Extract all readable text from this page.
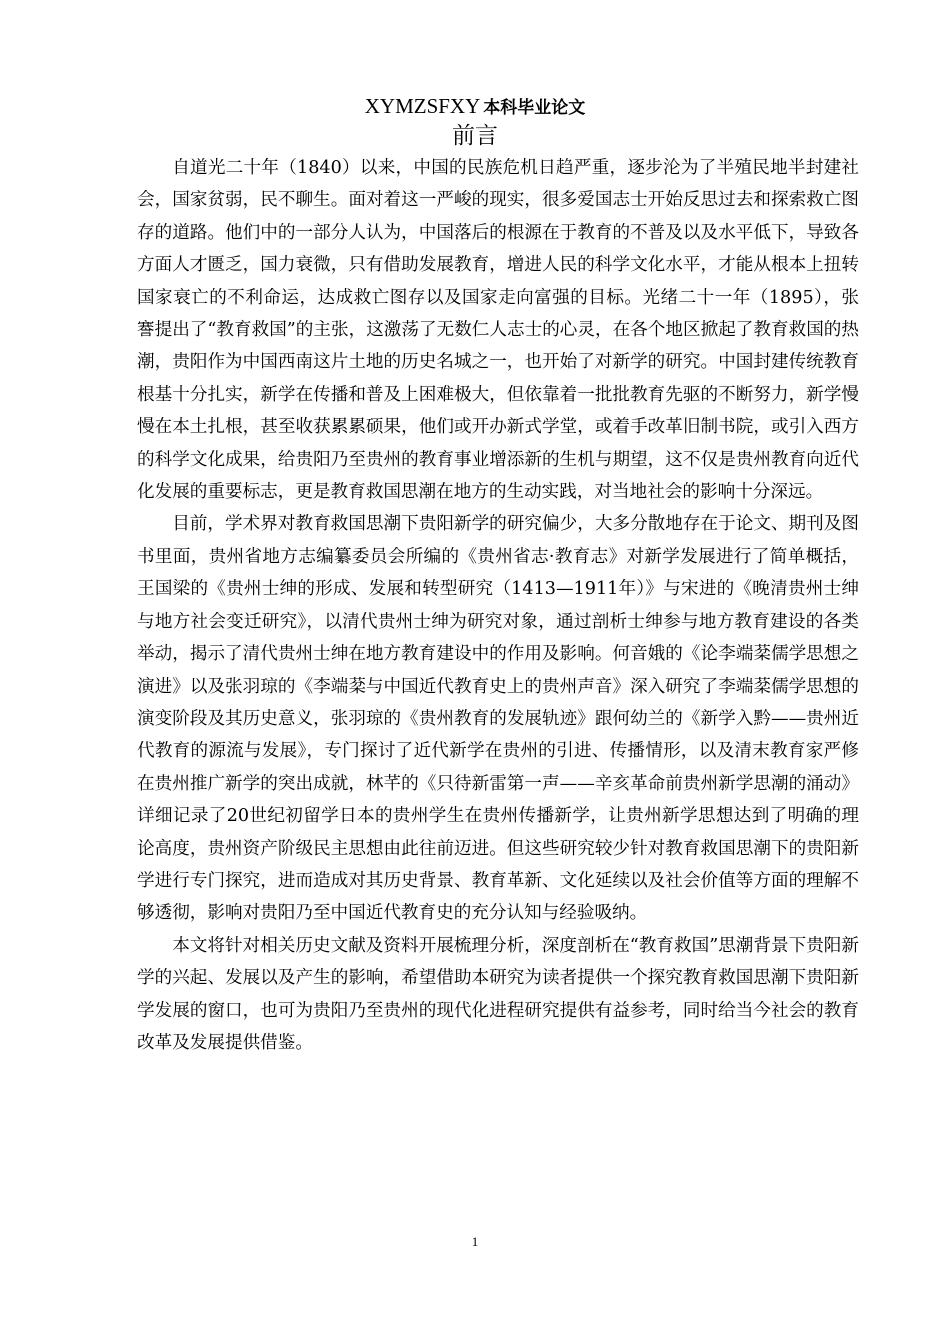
XYMZSFXY 本科毕业论文
前言

自道光二十年（1840）以来，中国的民族危机日趋严重，逐步沦为了半殖民地半封建社会，国家贫弱，民不聊生。面对着这一严峻的现实，很多爱国志士开始反思过去和探索救亡图存的道路。他们中的一部分人认为，中国落后的根源在于教育的不普及以及水平低下，导致各方面人才匮乏，国力衰微，只有借助发展教育，增进人民的科学文化水平，才能从根本上扭转国家衰亡的不利命运，达成救亡图存以及国家走向富强的目标。光绪二十一年（1895），张謇提出了“教育救国”的主张，这激荡了无数仁人志士的心灵，在各个地区掀起了教育救国的热潮，贵阳作为中国西南这片土地的历史名城之一，也开始了对新学的研究。中国封建传统教育根基十分扎实，新学在传播和普及上困难极大，但依靠着一批批教育先驱的不断努力，新学慢慢在本土扎根，甚至收获累累硕果，他们或开办新式学堂，或着手改革旧制书院，或引入西方的科学文化成果，给贵阳乃至贵州的教育事业增添新的生机与期望，这不仅是贵州教育向近代化发展的重要标志，更是教育救国思潮在地方的生动实践，对当地社会的影响十分深远。

目前，学术界对教育救国思潮下贵阳新学的研究偏少，大多分散地存在于论文、期刊及图书里面，贵州省地方志编纂委员会所编的《贵州省志·教育志》对新学发展进行了简单概括，王国梁的《贵州士绅的形成、发展和转型研究（1413—1911年）》与宋进的《晚清贵州士绅与地方社会变迁研究》，以清代贵州士绅为研究对象，通过剖析士绅参与地方教育建设的各类举动，揭示了清代贵州士绅在地方教育建设中的作用及影响。何音娥的《论李端棻儒学思想之演进》以及张羽琼的《李端棻与中国近代教育史上的贵州声音》深入研究了李端棻儒学思想的演变阶段及其历史意义，张羽琼的《贵州教育的发展轨迹》跟何幼兰的《新学入黔——贵州近代教育的源流与发展》，专门探讨了近代新学在贵州的引进、传播情形，以及清末教育家严修在贵州推广新学的突出成就，林芊的《只待新雷第一声——辛亥革命前贵州新学思潮的涌动》详细记录了20世纪初留学日本的贵州学生在贵州传播新学，让贵州新学思想达到了明确的理论高度，贵州资产阶级民主思想由此往前迈进。但这些研究较少针对教育救国思潮下的贵阳新学进行专门探究，进而造成对其历史背景、教育革新、文化延续以及社会价值等方面的理解不够透彻，影响对贵阳乃至中国近代教育史的充分认知与经验吸纳。

本文将针对相关历史文献及资料开展梳理分析，深度剖析在“教育救国”思潮背景下贵阳新学的兴起、发展以及产生的影响，希望借助本研究为读者提供一个探究教育救国思潮下贵阳新学发展的窗口，也可为贵阳乃至贵州的现代化进程研究提供有益参考，同时给当今社会的教育改革及发展提供借鉴。

1
